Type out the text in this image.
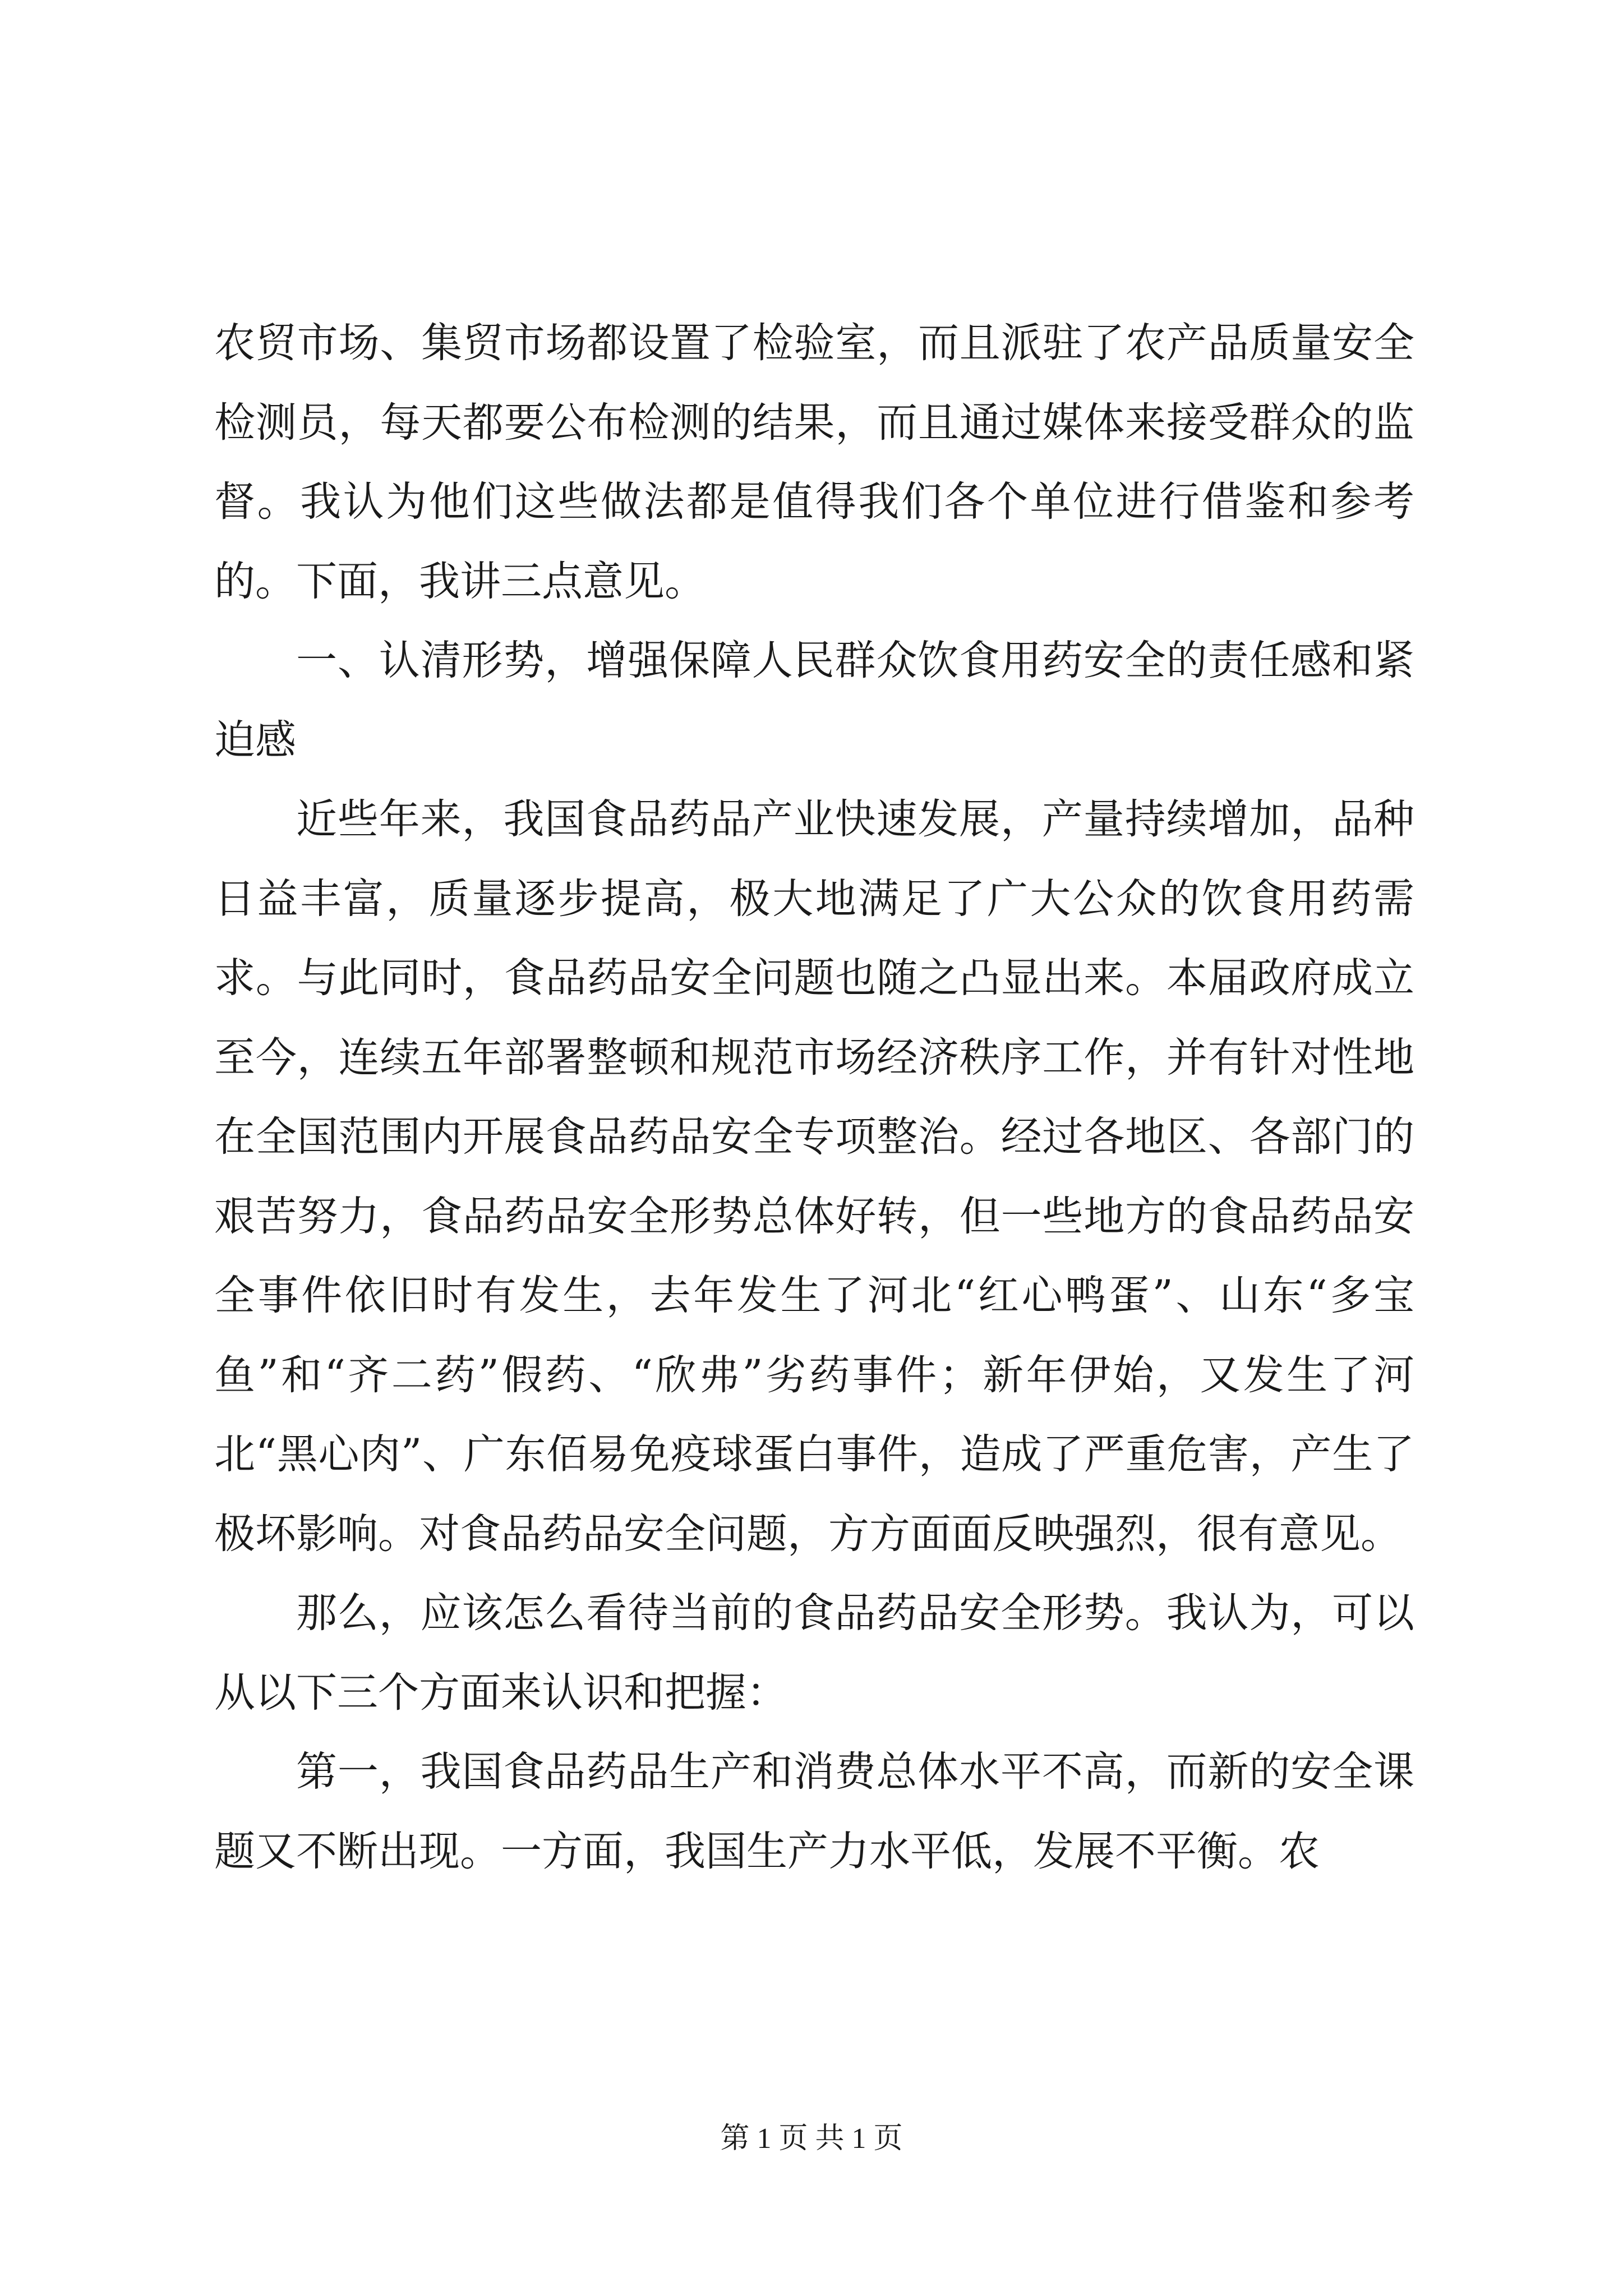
农贸市场、集贸市场都设置了检验室，而且派驻了农产品质量安全检测员，每天都要公布检测的结果，而且通过媒体来接受群众的监督。我认为他们这些做法都是值得我们各个单位进行借鉴和参考的。下面，我讲三点意见。

一、认清形势，增强保障人民群众饮食用药安全的责任感和紧迫感

近些年来，我国食品药品产业快速发展，产量持续增加，品种日益丰富，质量逐步提高，极大地满足了广大公众的饮食用药需求。与此同时，食品药品安全问题也随之凸显出来。本届政府成立至今，连续五年部署整顿和规范市场经济秩序工作，并有针对性地在全国范围内开展食品药品安全专项整治。经过各地区、各部门的艰苦努力，食品药品安全形势总体好转，但一些地方的食品药品安全事件依旧时有发生，去年发生了河北“红心鸭蛋”、山东“多宝鱼”和“齐二药”假药、“欣弗”劣药事件；新年伊始，又发生了河北“黑心肉”、广东佰易免疫球蛋白事件，造成了严重危害，产生了极坏影响。对食品药品安全问题，方方面面反映强烈，很有意见。

那么，应该怎么看待当前的食品药品安全形势。我认为，可以从以下三个方面来认识和把握：

第一，我国食品药品生产和消费总体水平不高，而新的安全课题又不断出现。一方面，我国生产力水平低，发展不平衡。农

第 1 页 共 1 页
